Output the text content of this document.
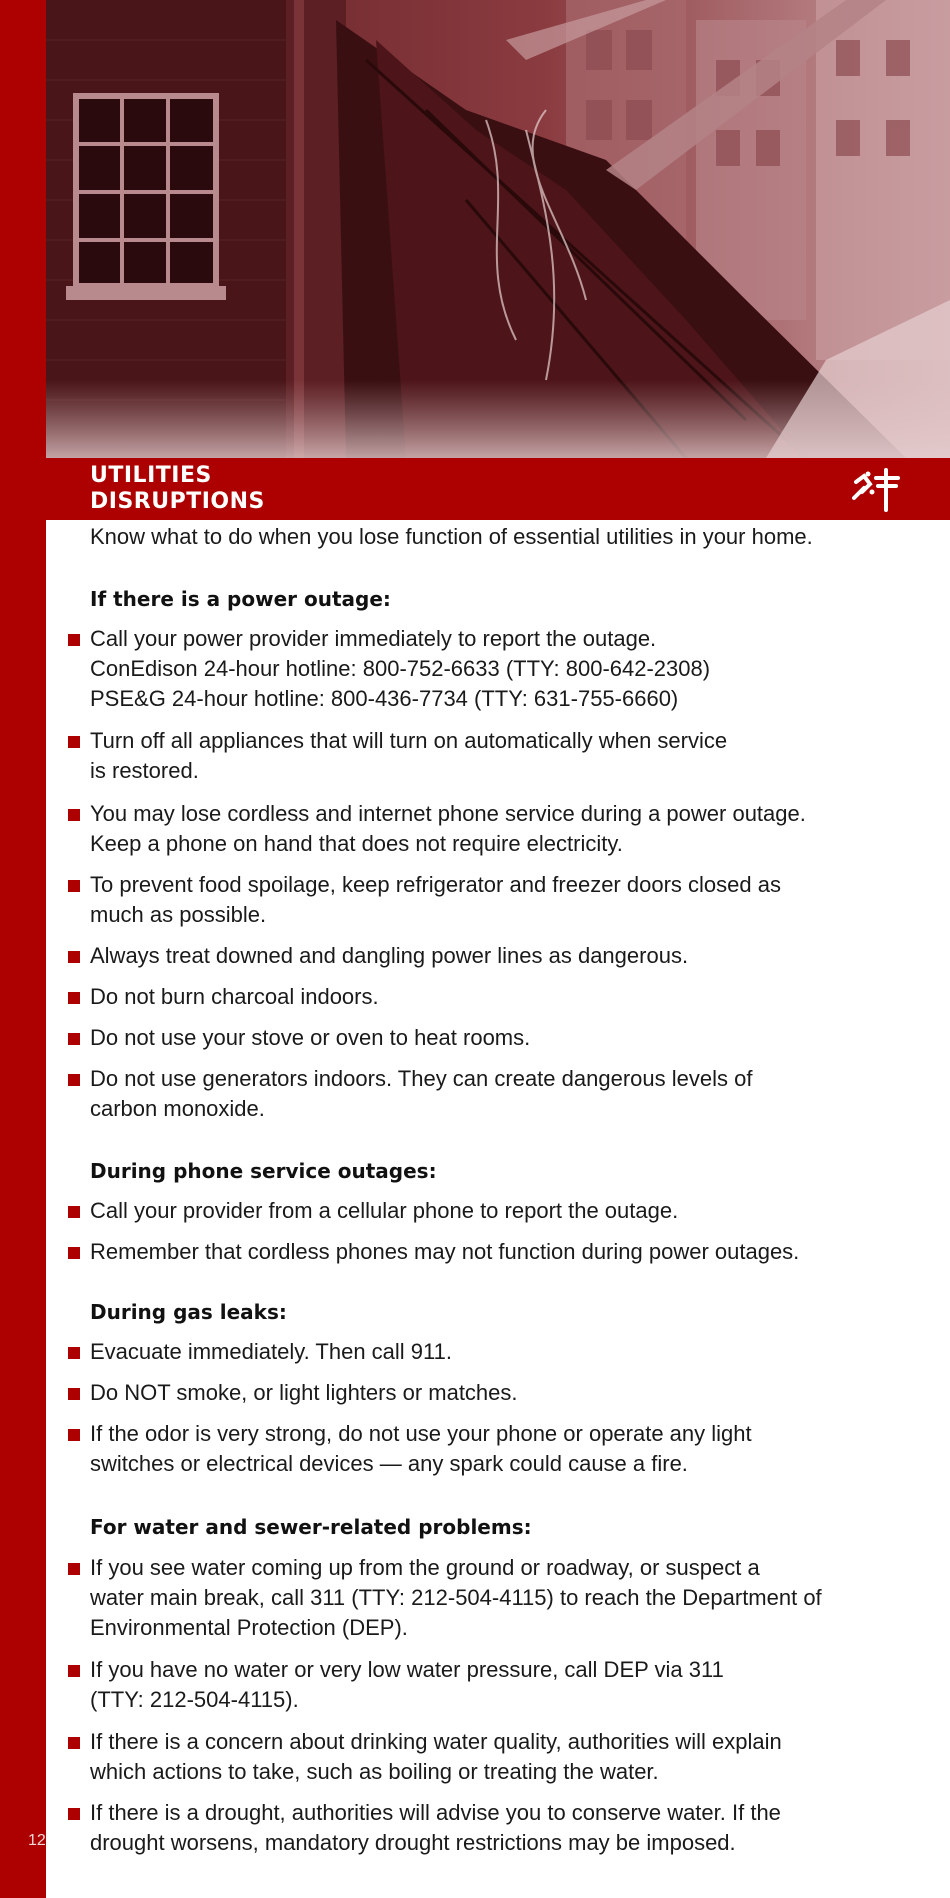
UTILITIES
DISRUPTIONS
Know what to do when you lose function of essential utilities in your home.
If there is a power outage:
Call your power provider immediately to report the outage.
ConEdison 24-hour hotline: 800-752-6633 (TTY: 800-642-2308)
PSE&G 24-hour hotline: 800-436-7734 (TTY: 631-755-6660)
Turn off all appliances that will turn on automatically when service
is restored.
You may lose cordless and internet phone service during a power outage.
Keep a phone on hand that does not require electricity.
To prevent food spoilage, keep refrigerator and freezer doors closed as
much as possible.
Always treat downed and dangling power lines as dangerous.
Do not burn charcoal indoors.
Do not use your stove or oven to heat rooms.
Do not use generators indoors. They can create dangerous levels of
carbon monoxide.
During phone service outages:
Call your provider from a cellular phone to report the outage.
Remember that cordless phones may not function during power outages.
During gas leaks:
Evacuate immediately. Then call 911.
Do NOT smoke, or light lighters or matches.
If the odor is very strong, do not use your phone or operate any light
switches or electrical devices — any spark could cause a fire.
For water and sewer-related problems:
If you see water coming up from the ground or roadway, or suspect a
water main break, call 311 (TTY: 212-504-4115) to reach the Department of
Environmental Protection (DEP).
If you have no water or very low water pressure, call DEP via 311
(TTY: 212-504-4115).
If there is a concern about drinking water quality, authorities will explain
which actions to take, such as boiling or treating the water.
If there is a drought, authorities will advise you to conserve water. If the
drought worsens, mandatory drought restrictions may be imposed.
12
